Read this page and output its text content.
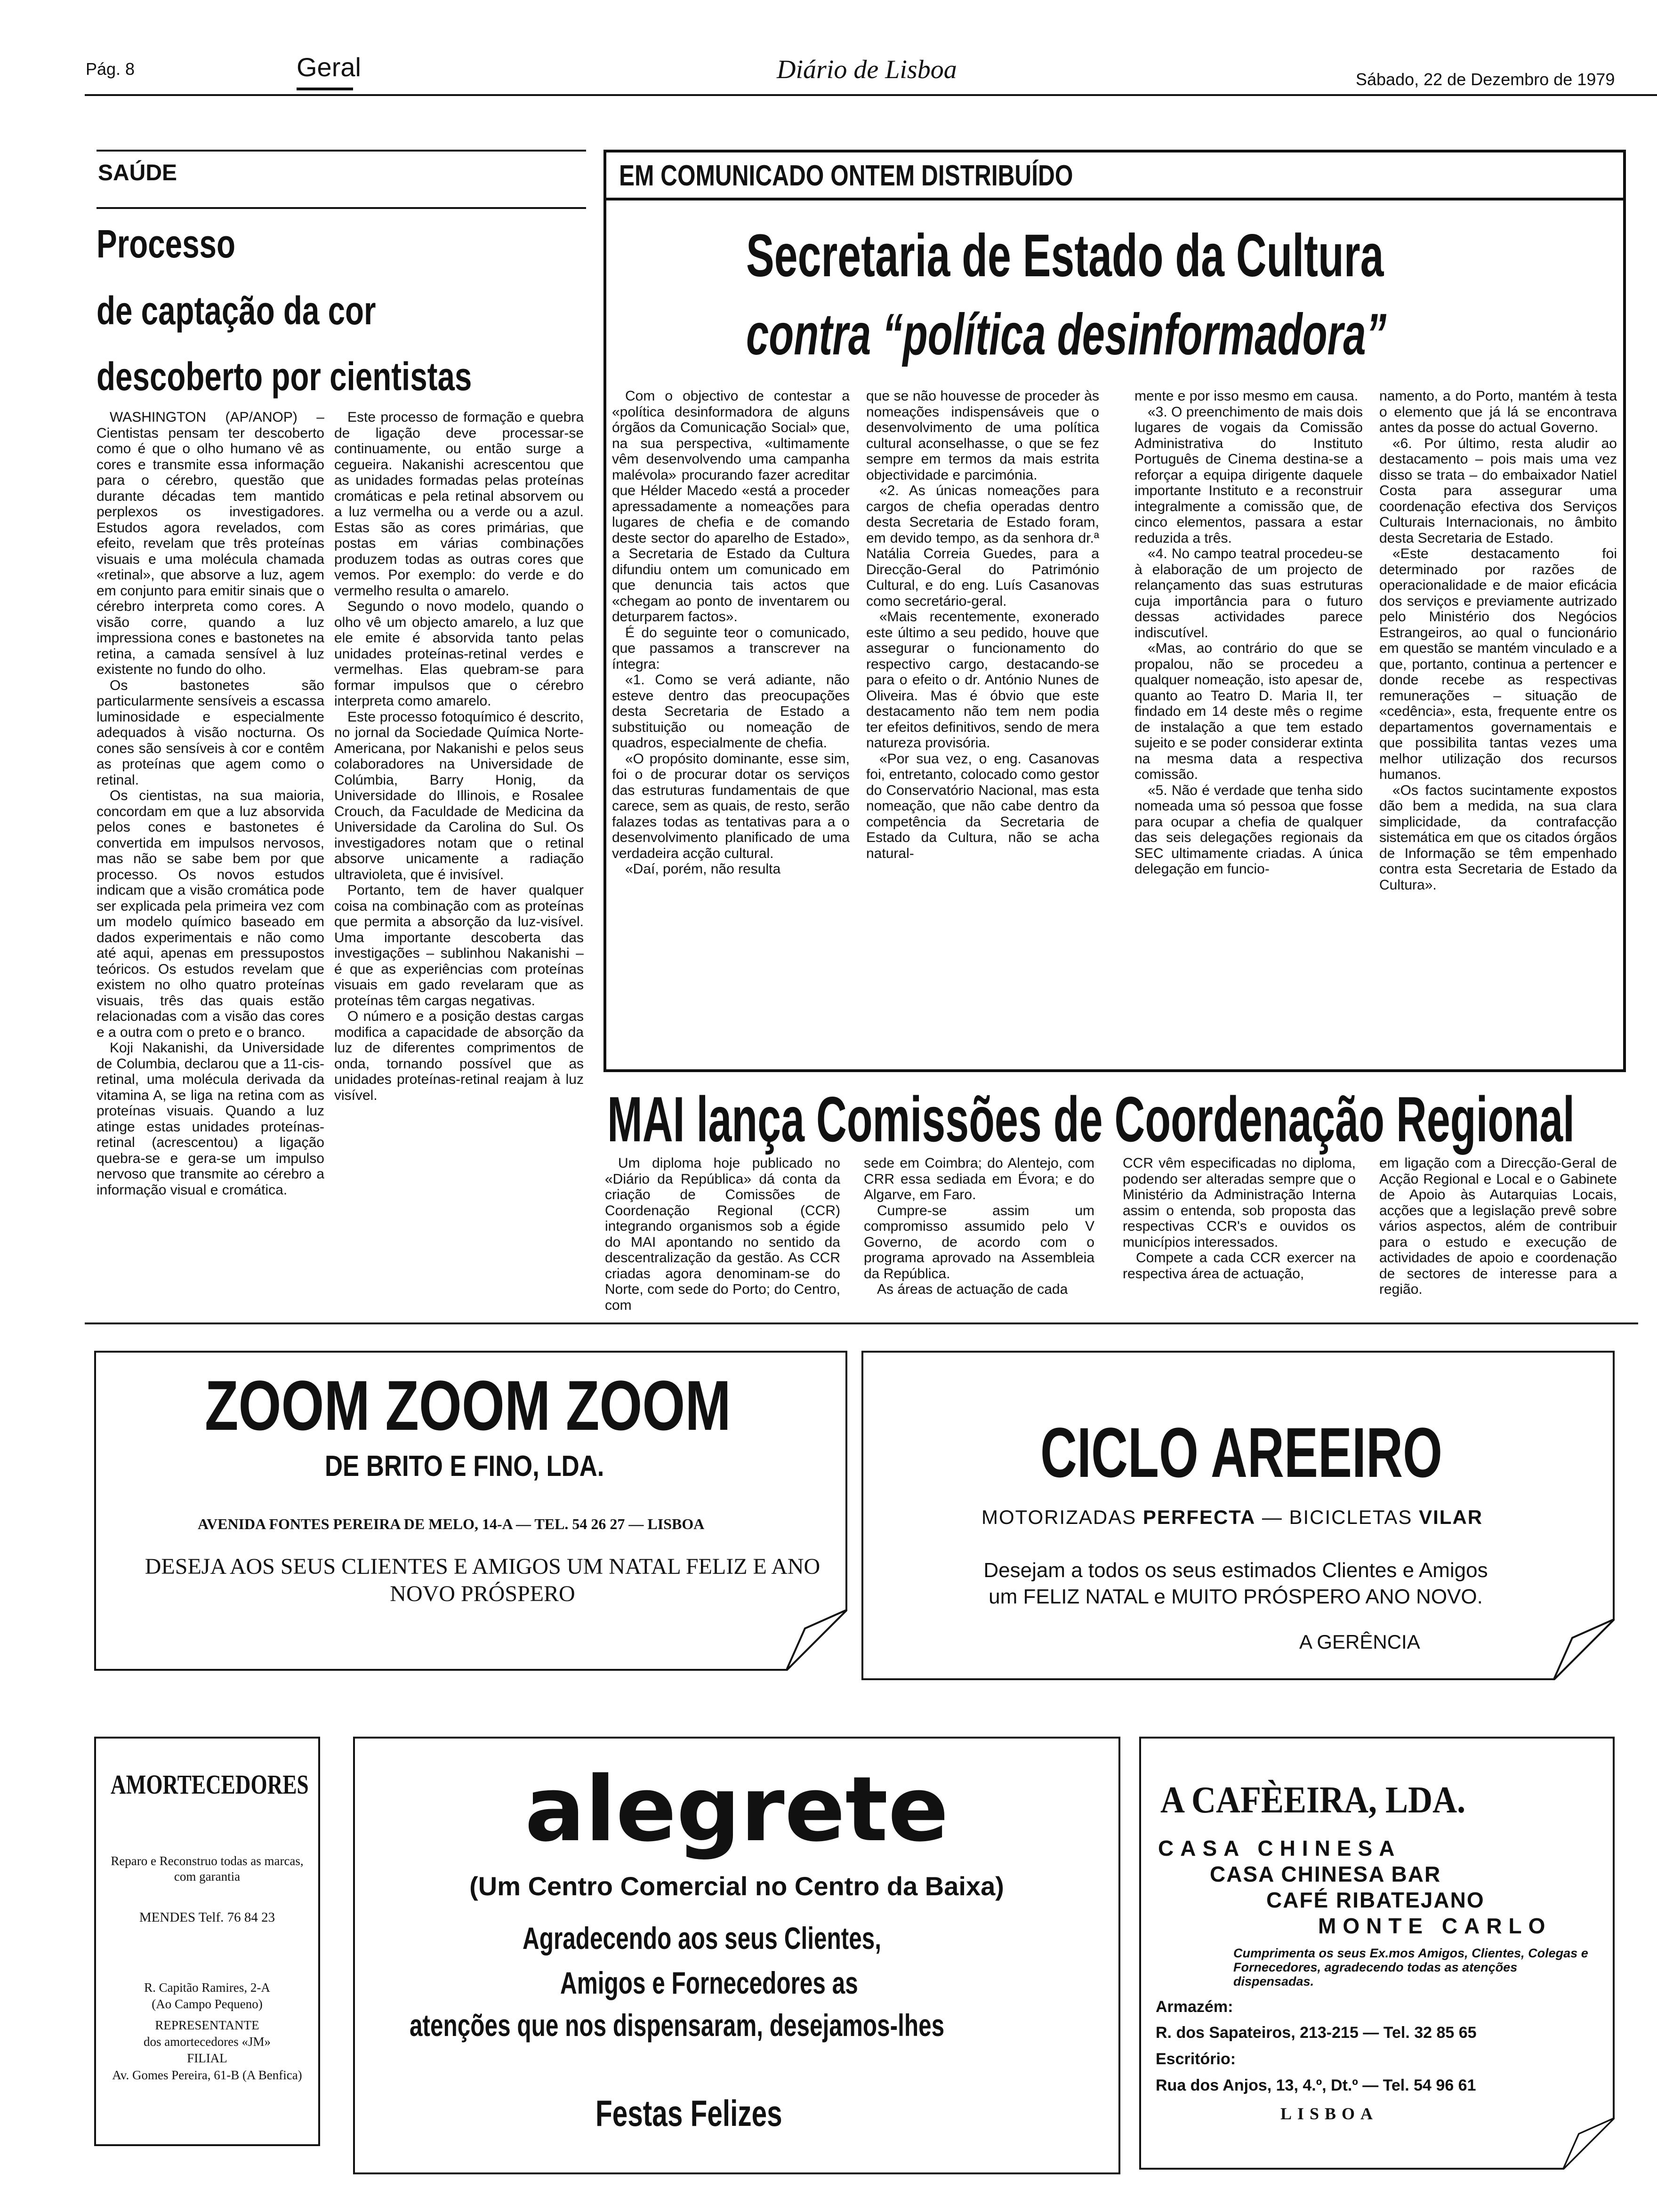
Pág. 8	Geral	Diário de Lisboa	Sábado, 22 de Dezembro de 1979
SAÚDE
Processo
de captação da cor
descoberto por cientistas

WASHINGTON (AP/ANOP) – Cientistas pensam ter descoberto como é que o olho humano vê as cores e transmite essa informação para o cérebro, questão que durante décadas tem mantido perplexos os investigadores. Estudos agora revelados, com efeito, revelam que três proteínas visuais e uma molécula chamada «retinal», que absorve a luz, agem em conjunto para emitir sinais que o cérebro interpreta como cores. A visão corre, quando a luz impressiona cones e bastonetes na retina, a camada sensível à luz existente no fundo do olho.

Os bastonetes são particularmente sensíveis a escassa luminosidade e especialmente adequados à visão nocturna. Os cones são sensíveis à cor e contêm as proteínas que agem como o retinal.

Os cientistas, na sua maioria, concordam em que a luz absorvida pelos cones e bastonetes é convertida em impulsos nervosos, mas não se sabe bem por que processo. Os novos estudos indicam que a visão cromática pode ser explicada pela primeira vez com um modelo químico baseado em dados experimentais e não como até aqui, apenas em pressupostos teóricos. Os estudos revelam que existem no olho quatro proteínas visuais, três das quais estão relacionadas com a visão das cores e a outra com o preto e o branco.

Koji Nakanishi, da Universidade de Columbia, declarou que a 11-cis-retinal, uma molécula derivada da vitamina A, se liga na retina com as proteínas visuais. Quando a luz atinge estas unidades proteínas-retinal (acrescentou) a ligação quebra-se e gera-se um impulso nervoso que transmite ao cérebro a informação visual e cromática.

Este processo de formação e quebra de ligação deve processar-se continuamente, ou então surge a cegueira. Nakanishi acrescentou que as unidades formadas pelas proteínas cromáticas e pela retinal absorvem ou a luz vermelha ou a verde ou a azul. Estas são as cores primárias, que postas em várias combinações produzem todas as outras cores que vemos. Por exemplo: do verde e do vermelho resulta o amarelo.

Segundo o novo modelo, quando o olho vê um objecto amarelo, a luz que ele emite é absorvida tanto pelas unidades proteínas-retinal verdes e vermelhas. Elas quebram-se para formar impulsos que o cérebro interpreta como amarelo.

Este processo fotoquímico é descrito, no jornal da Sociedade Química Norte-Americana, por Nakanishi e pelos seus colaboradores na Universidade de Colúmbia, Barry Honig, da Universidade do Illinois, e Rosalee Crouch, da Faculdade de Medicina da Universidade da Carolina do Sul. Os investigadores notam que o retinal absorve unicamente a radiação ultravioleta, que é invisível.

Portanto, tem de haver qualquer coisa na combinação com as proteínas que permita a absorção da luz-visível. Uma importante descoberta das investigações – sublinhou Nakanishi – é que as experiências com proteínas visuais em gado revelaram que as proteínas têm cargas negativas.

O número e a posição destas cargas modifica a capacidade de absorção da luz de diferentes comprimentos de onda, tornando possível que as unidades proteínas-retinal reajam à luz visível.

EM COMUNICADO ONTEM DISTRIBUÍDO
Secretaria de Estado da Cultura
contra “política desinformadora”

Com o objectivo de contestar a «política desinformadora de alguns órgãos da Comunicação Social» que, na sua perspectiva, «ultimamente vêm desenvolvendo uma campanha malévola» procurando fazer acreditar que Hélder Macedo «está a proceder apressadamente a nomeações para lugares de chefia e de comando deste sector do aparelho de Estado», a Secretaria de Estado da Cultura difundiu ontem um comunicado em que denuncia tais actos que «chegam ao ponto de inventarem ou deturparem factos».

É do seguinte teor o comunicado, que passamos a transcrever na íntegra:

«1. Como se verá adiante, não esteve dentro das preocupações desta Secretaria de Estado a substituição ou nomeação de quadros, especialmente de chefia.

«O propósito dominante, esse sim, foi o de procurar dotar os serviços das estruturas fundamentais de que carece, sem as quais, de resto, serão falazes todas as tentativas para a o desenvolvimento planificado de uma verdadeira acção cultural.

«Daí, porém, não resulta

que se não houvesse de proceder às nomeações indispensáveis que o desenvolvimento de uma política cultural aconselhasse, o que se fez sempre em termos da mais estrita objectividade e parcimónia.

«2. As únicas nomeações para cargos de chefia operadas dentro desta Secretaria de Estado foram, em devido tempo, as da senhora dr.ª Natália Correia Guedes, para a Direcção-Geral do Património Cultural, e do eng. Luís Casanovas como secretário-geral.

«Mais recentemente, exonerado este último a seu pedido, houve que assegurar o funcionamento do respectivo cargo, destacando-se para o efeito o dr. António Nunes de Oliveira. Mas é óbvio que este destacamento não tem nem podia ter efeitos definitivos, sendo de mera natureza provisória.

«Por sua vez, o eng. Casanovas foi, entretanto, colocado como gestor do Conservatório Nacional, mas esta nomeação, que não cabe dentro da competência da Secretaria de Estado da Cultura, não se acha natural-

mente e por isso mesmo em causa.

«3. O preenchimento de mais dois lugares de vogais da Comissão Administrativa do Instituto Português de Cinema destina-se a reforçar a equipa dirigente daquele importante Instituto e a reconstruir integralmente a comissão que, de cinco elementos, passara a estar reduzida a três.

«4. No campo teatral procedeu-se à elaboração de um projecto de relançamento das suas estruturas cuja importância para o futuro dessas actividades parece indiscutível.

«Mas, ao contrário do que se propalou, não se procedeu a qualquer nomeação, isto apesar de, quanto ao Teatro D. Maria II, ter findado em 14 deste mês o regime de instalação a que tem estado sujeito e se poder considerar extinta na mesma data a respectiva comissão.

«5. Não é verdade que tenha sido nomeada uma só pessoa que fosse para ocupar a chefia de qualquer das seis delegações regionais da SEC ultimamente criadas. A única delegação em funcio-

namento, a do Porto, mantém à testa o elemento que já lá se encontrava antes da posse do actual Governo.

«6. Por último, resta aludir ao destacamento – pois mais uma vez disso se trata – do embaixador Natiel Costa para assegurar uma coordenação efectiva dos Serviços Culturais Internacionais, no âmbito desta Secretaria de Estado.

«Este destacamento foi determinado por razões de operacionalidade e de maior eficácia dos serviços e previamente autrizado pelo Ministério dos Negócios Estrangeiros, ao qual o funcionário em questão se mantém vinculado e a que, portanto, continua a pertencer e donde recebe as respectivas remunerações – situação de «cedência», esta, frequente entre os departamentos governamentais e que possibilita tantas vezes uma melhor utilização dos recursos humanos.

«Os factos sucintamente expostos dão bem a medida, na sua clara simplicidade, da contrafacção sistemática em que os citados órgãos de Informação se têm empenhado contra esta Secretaria de Estado da Cultura».

MAI lança Comissões de Coordenação Regional

Um diploma hoje publicado no «Diário da República» dá conta da criação de Comissões de Coordenação Regional (CCR) integrando organismos sob a égide do MAI apontando no sentido da descentralização da gestão. As CCR criadas agora denominam-se do Norte, com sede do Porto; do Centro, com

sede em Coimbra; do Alentejo, com CRR essa sediada em Évora; e do Algarve, em Faro.

Cumpre-se assim um compromisso assumido pelo V Governo, de acordo com o programa aprovado na Assembleia da República.

As áreas de actuação de cada

CCR vêm especificadas no diploma, podendo ser alteradas sempre que o Ministério da Administração Interna assim o entenda, sob proposta das respectivas CCR's e ouvidos os municípios interessados.

Compete a cada CCR exercer na respectiva área de actuação,

em ligação com a Direcção-Geral de Acção Regional e Local e o Gabinete de Apoio às Autarquias Locais, acções que a legislação prevê sobre vários aspectos, além de contribuir para o estudo e execução de actividades de apoio e coordenação de sectores de interesse para a região.

ZOOM ZOOM ZOOM
DE BRITO E FINO, LDA.
AVENIDA FONTES PEREIRA DE MELO, 14-A — TEL. 54 26 27 — LISBOA
DESEJA AOS SEUS CLIENTES E AMIGOS UM NATAL FELIZ E ANO NOVO PRÓSPERO
CICLO AREEIRO
MOTORIZADAS PERFECTA — BICICLETAS VILAR
Desejam a todos os seus estimados Clientes e Amigos
um FELIZ NATAL e MUITO PRÓSPERO ANO NOVO.
A GERÊNCIA
AMORTECEDORES
Reparo e Reconstruo todas as marcas, com garantia
MENDES Telf. 76 84 23
R. Capitão Ramires, 2-A
(Ao Campo Pequeno)
REPRESENTANTE
dos amortecedores «JM»
FILIAL
Av. Gomes Pereira, 61-B (A Benfica)
alegrete
(Um Centro Comercial no Centro da Baixa)
Agradecendo aos seus Clientes,
Amigos e Fornecedores as
atenções que nos dispensaram, desejamos-lhes
Festas Felizes
A CAFÈEIRA, LDA.
CASA CHINESA
CASA CHINESA BAR
CAFÉ RIBATEJANO
MONTE CARLO
Cumprimenta os seus Ex.mos Amigos, Clientes, Colegas e Fornecedores, agradecendo todas as atenções dispensadas.
Armazém:
R. dos Sapateiros, 213-215 — Tel. 32 85 65
Escritório:
Rua dos Anjos, 13, 4.º, Dt.º — Tel. 54 96 61
LISBOA
